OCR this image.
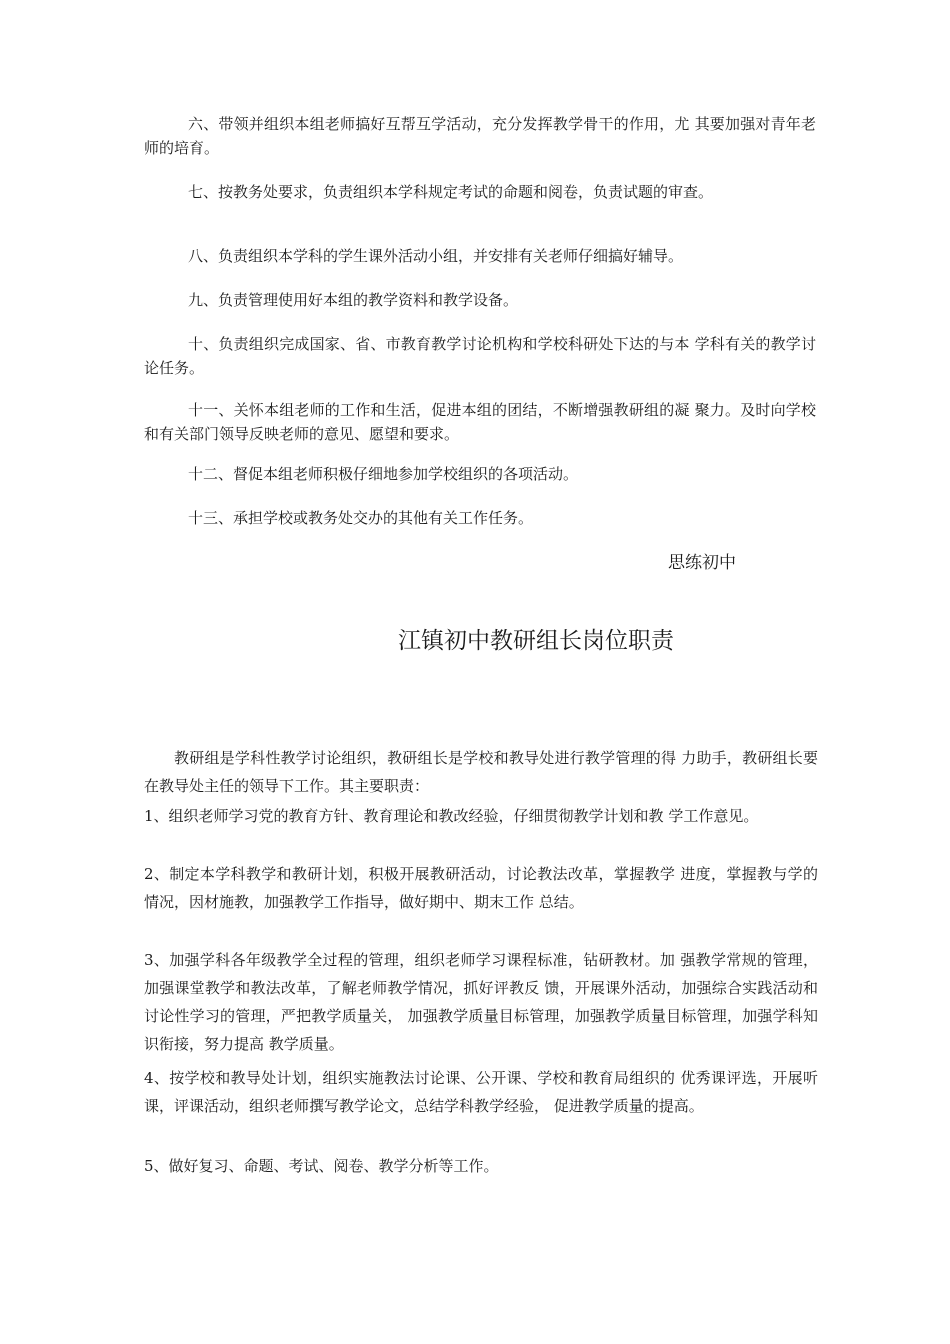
六、带领并组织本组老师搞好互帮互学活动，充分发挥教学骨干的作用，尤 其要加强对青年老师的培育。

七、按教务处要求，负责组织本学科规定考试的命题和阅卷，负责试题的审查。

八、负责组织本学科的学生课外活动小组，并安排有关老师仔细搞好辅导。

九、负责管理使用好本组的教学资料和教学设备。

十、负责组织完成国家、省、市教育教学讨论机构和学校科研处下达的与本 学科有关的教学讨论任务。

十一、关怀本组老师的工作和生活，促进本组的团结，不断增强教研组的凝 聚力。及时向学校和有关部门领导反映老师的意见、愿望和要求。

十二、督促本组老师积极仔细地参加学校组织的各项活动。

十三、承担学校或教务处交办的其他有关工作任务。

思练初中

江镇初中教研组长岗位职责

教研组是学科性教学讨论组织，教研组长是学校和教导处进行教学管理的得 力助手，教研组长要在教导处主任的领导下工作。其主要职责：

1、组织老师学习党的教育方针、教育理论和教改经验，仔细贯彻教学计划和教 学工作意见。

2、制定本学科教学和教研计划，积极开展教研活动，讨论教法改革，掌握教学 进度，掌握教与学的情况，因材施教，加强教学工作指导，做好期中、期末工作 总结。

3、加强学科各年级教学全过程的管理，组织老师学习课程标准，钻研教材。加 强教学常规的管理，加强课堂教学和教法改革，了解老师教学情况，抓好评教反 馈，开展课外活动，加强综合实践活动和讨论性学习的管理，严把教学质量关， 加强教学质量目标管理，加强教学质量目标管理，加强学科知识衔接，努力提高 教学质量。

4、按学校和教导处计划，组织实施教法讨论课、公开课、学校和教育局组织的 优秀课评选，开展听课，评课活动，组织老师撰写教学论文，总结学科教学经验， 促进教学质量的提高。

5、做好复习、命题、考试、阅卷、教学分析等工作。
